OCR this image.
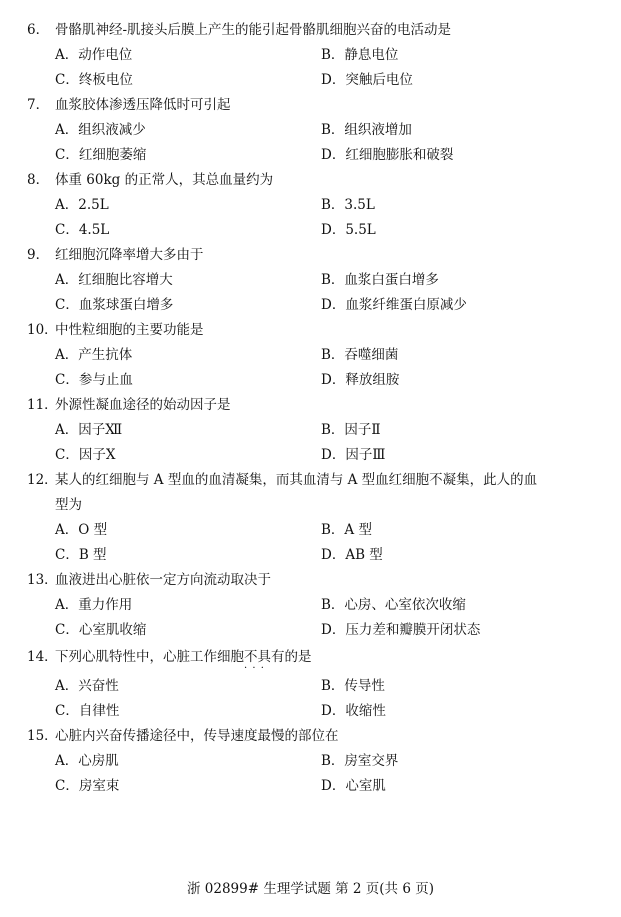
6． 骨骼肌神经-肌接头后膜上产生的能引起骨骼肌细胞兴奋的电活动是
A．动作电位	B．静息电位
C．终板电位	D．突触后电位
7． 血浆胶体渗透压降低时可引起
A．组织液减少	B．组织液增加
C．红细胞萎缩	D．红细胞膨胀和破裂
8． 体重 60kg 的正常人，其总血量约为
A．2.5L	B．3.5L
C．4.5L	D．5.5L
9． 红细胞沉降率增大多由于
A．红细胞比容增大	B．血浆白蛋白增多
C．血浆球蛋白增多	D．血浆纤维蛋白原减少
10．中性粒细胞的主要功能是
A．产生抗体	B．吞噬细菌
C．参与止血	D．释放组胺
11．外源性凝血途径的始动因子是
A．因子Ⅻ	B．因子Ⅱ
C．因子Ⅹ	D．因子Ⅲ
12．某人的红细胞与 A 型血的血清凝集，而其血清与 A 型血红细胞不凝集，此人的血
型为
A．O 型	B．A 型
C．B 型	D．AB 型
13．血液进出心脏依一定方向流动取决于
A．重力作用	B．心房、心室依次收缩
C．心室肌收缩	D．压力差和瓣膜开闭状态
14．下列心肌特性中，心脏工作细胞不具有 · · ·的是
A．兴奋性	B．传导性
C．自律性	D．收缩性
15．心脏内兴奋传播途径中，传导速度最慢的部位在
A．心房肌	B．房室交界
C．房室束	D．心室肌
浙 02899# 生理学试题 第 2 页(共 6 页)
